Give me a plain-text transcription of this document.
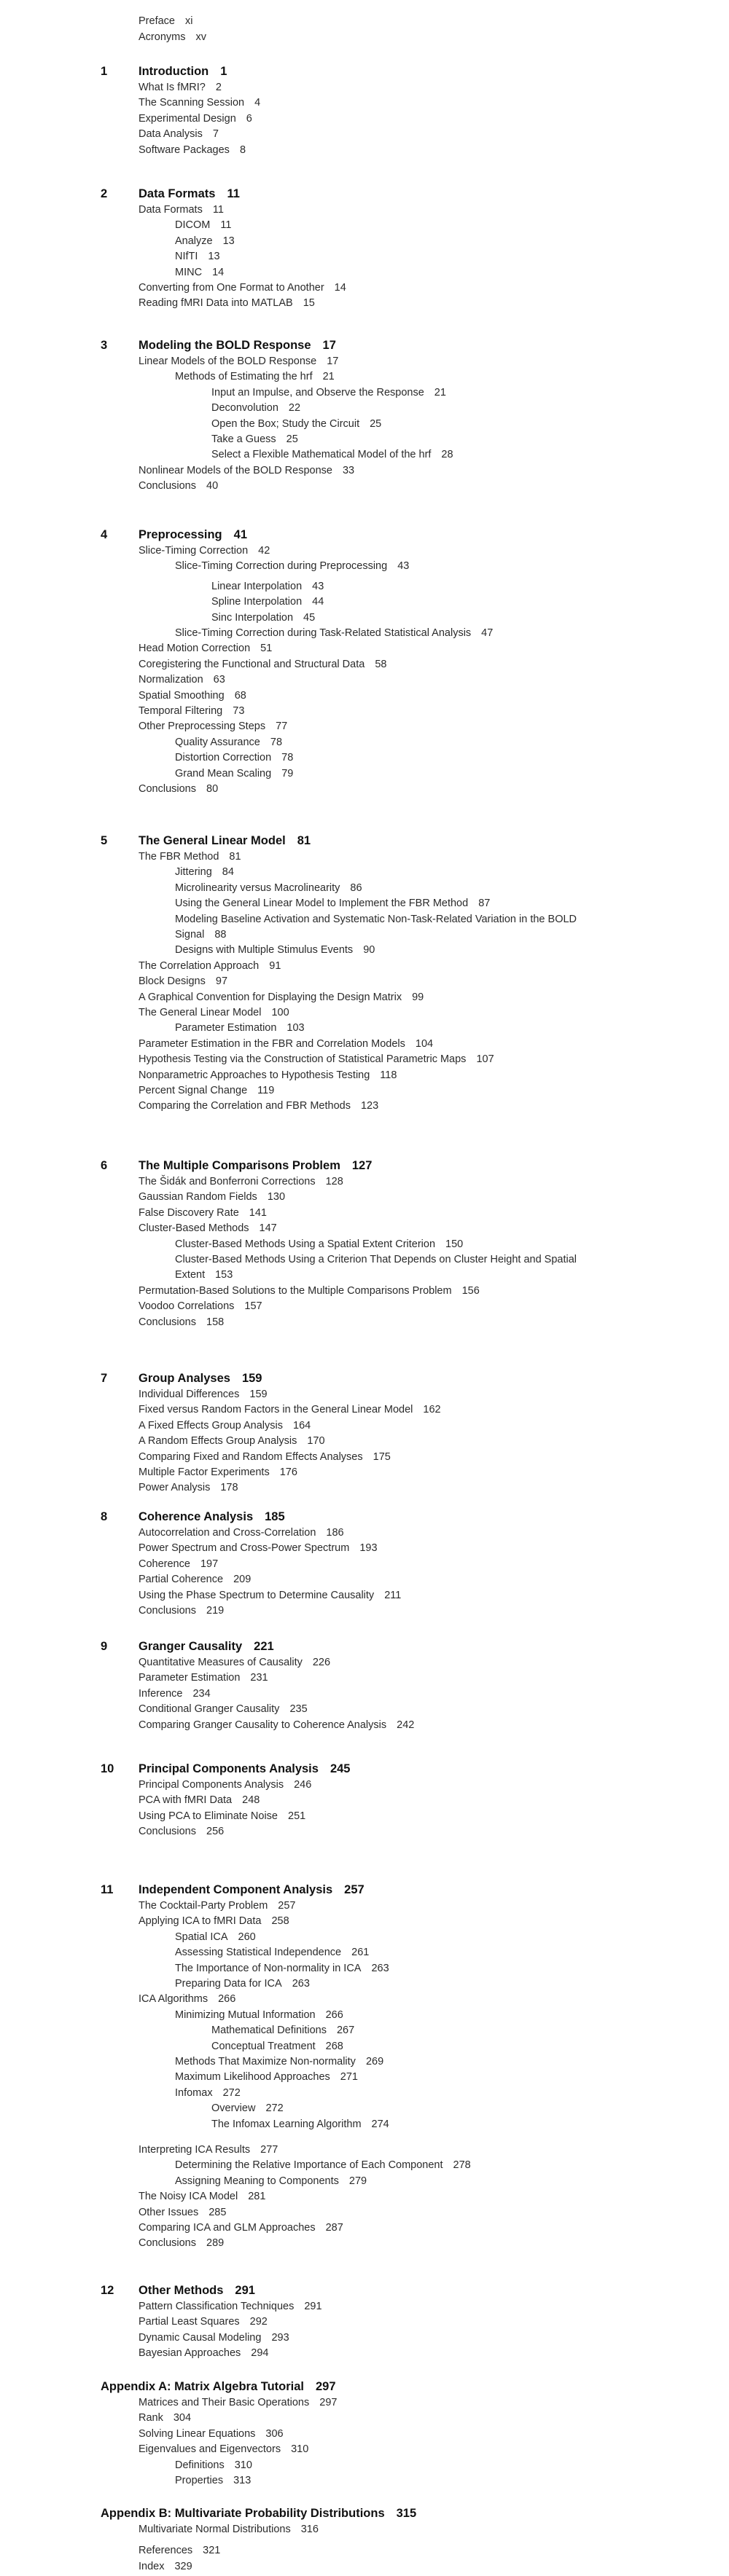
Preface xi
Acronyms xv
1	Introduction 1
What Is fMRI? 2
The Scanning Session 4
Experimental Design 6
Data Analysis 7
Software Packages 8
2	Data Formats 11
Data Formats 11
DICOM 11
Analyze 13
NIfTI 13
MINC 14
Converting from One Format to Another 14
Reading fMRI Data into MATLAB 15
3	Modeling the BOLD Response 17
Linear Models of the BOLD Response 17
Methods of Estimating the hrf 21
Input an Impulse, and Observe the Response 21
Deconvolution 22
Open the Box; Study the Circuit 25
Take a Guess 25
Select a Flexible Mathematical Model of the hrf 28
Nonlinear Models of the BOLD Response 33
Conclusions 40
4	Preprocessing 41
Slice-Timing Correction 42
Slice-Timing Correction during Preprocessing 43
Linear Interpolation 43
Spline Interpolation 44
Sinc Interpolation 45
Slice-Timing Correction during Task-Related Statistical Analysis 47
Head Motion Correction 51
Coregistering the Functional and Structural Data 58
Normalization 63
Spatial Smoothing 68
Temporal Filtering 73
Other Preprocessing Steps 77
Quality Assurance 78
Distortion Correction 78
Grand Mean Scaling 79
Conclusions 80
5	The General Linear Model 81
The FBR Method 81
Jittering 84
Microlinearity versus Macrolinearity 86
Using the General Linear Model to Implement the FBR Method 87
Modeling Baseline Activation and Systematic Non-Task-Related Variation in the BOLD
Signal 88
Designs with Multiple Stimulus Events 90
The Correlation Approach 91
Block Designs 97
A Graphical Convention for Displaying the Design Matrix 99
The General Linear Model 100
Parameter Estimation 103
Parameter Estimation in the FBR and Correlation Models 104
Hypothesis Testing via the Construction of Statistical Parametric Maps 107
Nonparametric Approaches to Hypothesis Testing 118
Percent Signal Change 119
Comparing the Correlation and FBR Methods 123
6	The Multiple Comparisons Problem 127
The Šidák and Bonferroni Corrections 128
Gaussian Random Fields 130
False Discovery Rate 141
Cluster-Based Methods 147
Cluster-Based Methods Using a Spatial Extent Criterion 150
Cluster-Based Methods Using a Criterion That Depends on Cluster Height and Spatial
Extent 153
Permutation-Based Solutions to the Multiple Comparisons Problem 156
Voodoo Correlations 157
Conclusions 158
7	Group Analyses 159
Individual Differences 159
Fixed versus Random Factors in the General Linear Model 162
A Fixed Effects Group Analysis 164
A Random Effects Group Analysis 170
Comparing Fixed and Random Effects Analyses 175
Multiple Factor Experiments 176
Power Analysis 178
8	Coherence Analysis 185
Autocorrelation and Cross-Correlation 186
Power Spectrum and Cross-Power Spectrum 193
Coherence 197
Partial Coherence 209
Using the Phase Spectrum to Determine Causality 211
Conclusions 219
9	Granger Causality 221
Quantitative Measures of Causality 226
Parameter Estimation 231
Inference 234
Conditional Granger Causality 235
Comparing Granger Causality to Coherence Analysis 242
10 Principal Components Analysis 245
Principal Components Analysis 246
PCA with fMRI Data 248
Using PCA to Eliminate Noise 251
Conclusions 256
11 Independent Component Analysis 257
The Cocktail-Party Problem 257
Applying ICA to fMRI Data 258
Spatial ICA 260
Assessing Statistical Independence 261
The Importance of Non-normality in ICA 263
Preparing Data for ICA 263
ICA Algorithms 266
Minimizing Mutual Information 266
Mathematical Definitions 267
Conceptual Treatment 268
Methods That Maximize Non-normality 269
Maximum Likelihood Approaches 271
Infomax 272
Overview 272
The Infomax Learning Algorithm 274
Interpreting ICA Results 277
Determining the Relative Importance of Each Component 278
Assigning Meaning to Components 279
The Noisy ICA Model 281
Other Issues 285
Comparing ICA and GLM Approaches 287
Conclusions 289
12 Other Methods 291
Pattern Classification Techniques 291
Partial Least Squares 292
Dynamic Causal Modeling 293
Bayesian Approaches 294
Appendix A: Matrix Algebra Tutorial 297
Matrices and Their Basic Operations 297
Rank 304
Solving Linear Equations 306
Eigenvalues and Eigenvectors 310
Definitions 310
Properties 313
Appendix B: Multivariate Probability Distributions 315
Multivariate Normal Distributions 316
References 321
Index 329
